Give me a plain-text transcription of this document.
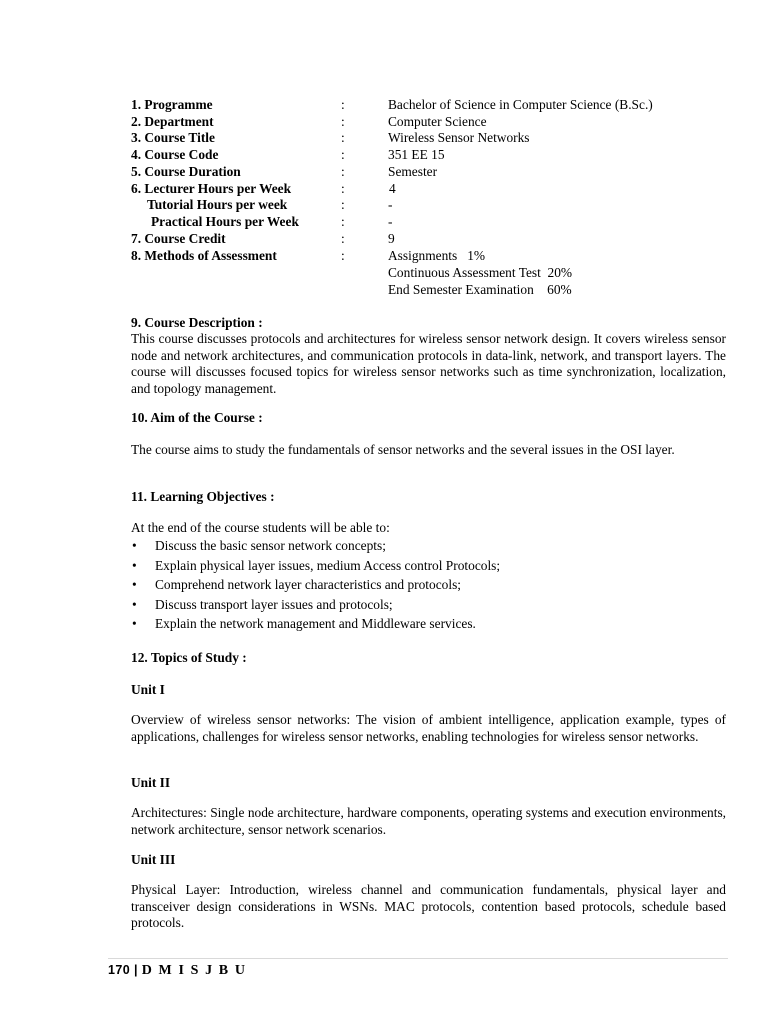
1. Programme	:	Bachelor of Science in Computer Science (B.Sc.)
2. Department	:	Computer Science
3. Course Title	:	Wireless Sensor Networks
4. Course Code	:	351 EE 15
5. Course Duration	:	Semester
6. Lecturer Hours per Week	:	4
Tutorial Hours per week	:	-
Practical Hours per Week	:	-
7. Course Credit	:	9
8. Methods of Assessment	:	Assignments   1%
Continuous Assessment Test  20%
End Semester Examination    60%
9. Course Description :
This course discusses protocols and architectures for wireless sensor network design. It covers wireless sensor node and network architectures, and communication protocols in data-link, network, and transport layers. The course will discusses focused topics for wireless sensor networks such as time synchronization, localization, and topology management.
10. Aim of the Course :
The course aims to study the fundamentals of sensor networks and the several issues in the OSI layer.
11. Learning Objectives :
At the end of the course students will be able to:
• Discuss the basic sensor network concepts;
• Explain physical layer issues, medium Access control Protocols;
• Comprehend network layer characteristics and protocols;
• Discuss transport layer issues and protocols;
• Explain the network management and Middleware services.
12. Topics of Study :
Unit I
Overview of wireless sensor networks: The vision of ambient intelligence, application example, types of applications, challenges for wireless sensor networks, enabling technologies for wireless sensor networks.
Unit II
Architectures: Single node architecture, hardware components, operating systems and execution environments, network architecture, sensor network scenarios.
Unit III
Physical Layer: Introduction, wireless channel and communication fundamentals, physical layer and transceiver design considerations in WSNs. MAC protocols, contention based protocols, schedule based protocols.
170 | D M I S J B U
